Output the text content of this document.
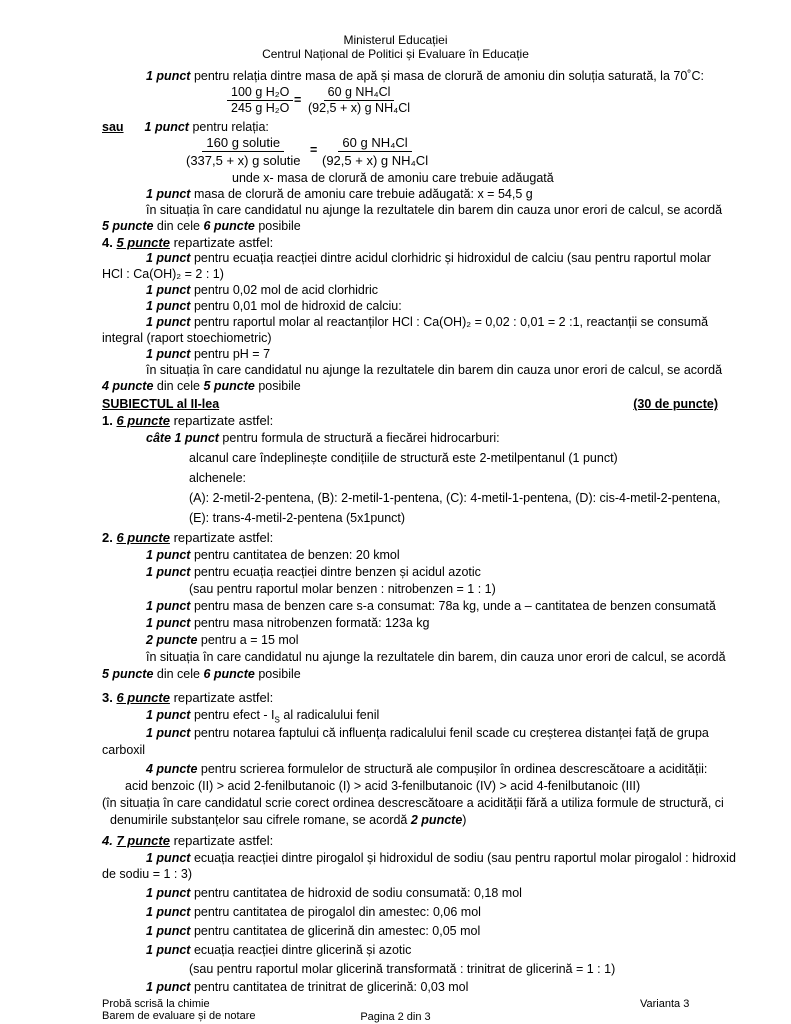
Ministerul Educației
Centrul Național de Politici și Evaluare în Educație
1 punct pentru relația dintre masa de apă și masa de clorură de amoniu din soluția saturată, la 70˚C:
$\frac{\text{100 g H₂O}}{\text{245 g H₂O}} = \frac{\text{60 g NH₄Cl}}{\text{(92,5 + x) g NH₄Cl}}$
sau 1 punct pentru relația:
160 g solutie
(337,5 + x) g solutie
= $\frac{\text{60 g NH₄Cl}}{\text{(92,5 + x) g NH₄Cl}}$
unde x- masa de clorură de amoniu care trebuie adăugată
1 punct masa de clorură de amoniu care trebuie adăugată: x = 54,5 g
în situația în care candidatul nu ajunge la rezultatele din barem din cauza unor erori de calcul, se acordă
5 puncte din cele 6 puncte posibile
4. 5 puncte repartizate astfel:
1 punct pentru ecuația reacției dintre acidul clorhidric și hidroxidul de calciu (sau pentru raportul molar
HCl : Ca(OH)₂ = 2 : 1)
1 punct pentru 0,02 mol de acid clorhidric
1 punct pentru 0,01 mol de hidroxid de calciu:
1 punct pentru raportul molar al reactanților HCl : Ca(OH)₂ = 0,02 : 0,01 = 2 :1, reactanții se consumă
integral (raport stoechiometric)
1 punct pentru pH = 7
în situația în care candidatul nu ajunge la rezultatele din barem din cauza unor erori de calcul, se acordă
4 puncte din cele 5 puncte posibile
SUBIECTUL al II-lea	(30 de puncte)
1. 6 puncte repartizate astfel:
câte 1 punct pentru formula de structură a fiecărei hidrocarburi:
alcanul care îndeplinește condițiile de structură este 2-metilpentanul (1 punct)
alchenele:
(A): 2-metil-2-pentena, (B): 2-metil-1-pentena, (C): 4-metil-1-pentena, (D): cis-4-metil-2-pentena,
(E): trans-4-metil-2-pentena (5x1punct)
2. 6 puncte repartizate astfel:
1 punct pentru cantitatea de benzen: 20 kmol
1 punct pentru ecuația reacției dintre benzen și acidul azotic
(sau pentru raportul molar benzen : nitrobenzen = 1 : 1)
1 punct pentru masa de benzen care s-a consumat: 78a kg, unde a – cantitatea de benzen consumată
1 punct pentru masa nitrobenzen formată: 123a kg
2 puncte pentru a = 15 mol
în situația în care candidatul nu ajunge la rezultatele din barem, din cauza unor erori de calcul, se acordă
5 puncte din cele 6 puncte posibile
3. 6 puncte repartizate astfel:
1 punct pentru efect - $I_S$ al radicalului fenil
1 punct pentru notarea faptului că influența radicalului fenil scade cu creșterea distanței față de grupa
carboxil
4 puncte pentru scrierea formulelor de structură ale compușilor în ordinea descrescătoare a acidității:
acid benzoic (II) > acid 2-fenilbutanoic (I) > acid 3-fenilbutanoic (IV) > acid 4-fenilbutanoic (III)
(în situația în care candidatul scrie corect ordinea descrescătoare a acidității fără a utiliza formule de structură, ci
denumirile substanțelor sau cifrele romane, se acordă 2 puncte)
4. 7 puncte repartizate astfel:
1 punct ecuația reacției dintre pirogalol și hidroxidul de sodiu (sau pentru raportul molar pirogalol : hidroxid
de sodiu = 1 : 3)
1 punct pentru cantitatea de hidroxid de sodiu consumată: 0,18 mol
1 punct pentru cantitatea de pirogalol din amestec: 0,06 mol
1 punct pentru cantitatea de glicerină din amestec: 0,05 mol
1 punct ecuația reacției dintre glicerină și azotic
(sau pentru raportul molar glicerină transformată : trinitrat de glicerină = 1 : 1)
1 punct pentru cantitatea de trinitrat de glicerină: 0,03 mol
Probă scrisă la chimie
Barem de evaluare și de notare
Varianta 3
Pagina 2 din 3
